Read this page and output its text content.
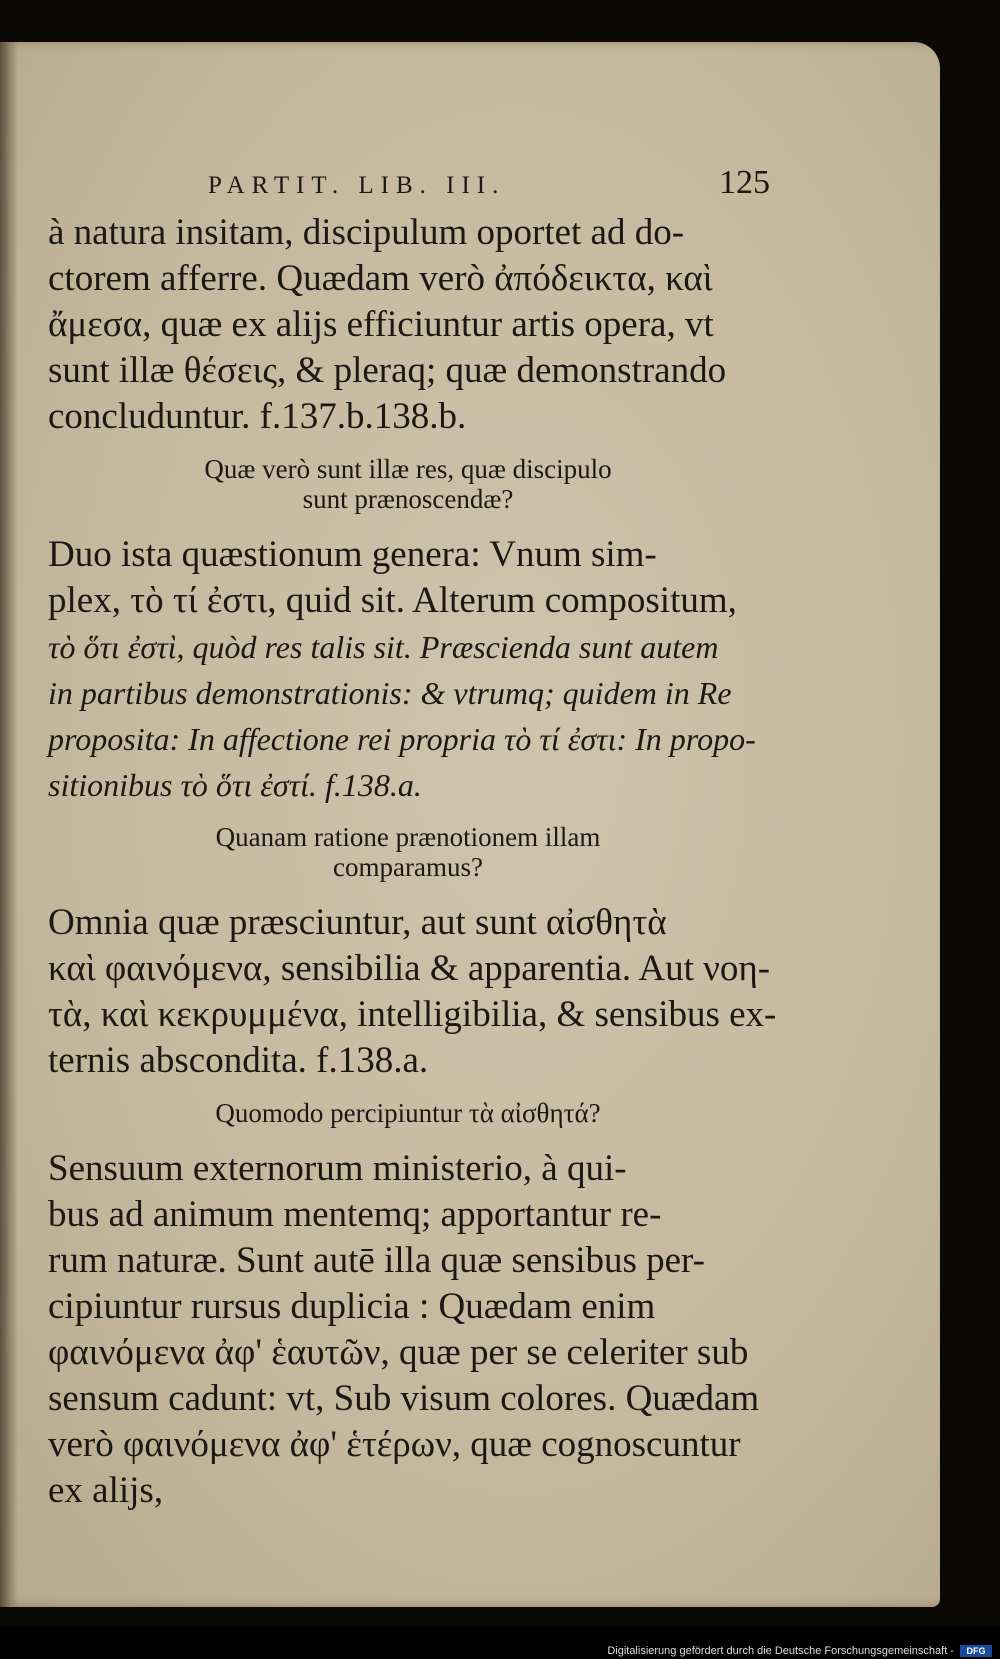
PARTIT. LIB. III.	125

à natura insitam, discipulum oportet ad do-

ctorem afferre. Quædam verò ἀπόδεικτα, καὶ

ἄμεσα, quæ ex alijs efficiuntur artis opera, vt

sunt illæ θέσεις, & pleraq; quæ demonstrando

concluduntur. f.137.b.138.b.

Quæ verò sunt illæ res, quæ discipulo

sunt prænoscendæ?

Duo ista quæstionum genera: Vnum sim-

plex, τὸ τί ἐστι, quid sit. Alterum compositum,

τὸ ὅτι ἐστὶ, quòd res talis sit. Præscienda sunt autem

in partibus demonstrationis: & vtrumq; quidem in Re

proposita: In affectione rei propria τὸ τί ἐστι: In propo-

sitionibus τὸ ὅτι ἐστί. f.138.a.

Quanam ratione prænotionem illam

comparamus?

Omnia quæ præsciuntur, aut sunt αἰσθητὰ

καὶ φαινόμενα, sensibilia & apparentia. Aut νοη-

τὰ, καὶ κεκρυμμένα, intelligibilia, & sensibus ex-

ternis abscondita. f.138.a.

Quomodo percipiuntur τὰ αἰσθητά?

Sensuum externorum ministerio, à qui-

bus ad animum mentemq; apportantur re-

rum naturæ. Sunt autē illa quæ sensibus per-

cipiuntur rursus duplicia : Quædam enim

φαινόμενα ἀφ' ἑαυτῶν, quæ per se celeriter sub

sensum cadunt: vt, Sub visum colores. Quædam

verò φαινόμενα ἀφ' ἑτέρων, quæ cognoscuntur

ex alijs,

Digitalisierung gefördert durch die Deutsche Forschungsgemeinschaft -	DFG
